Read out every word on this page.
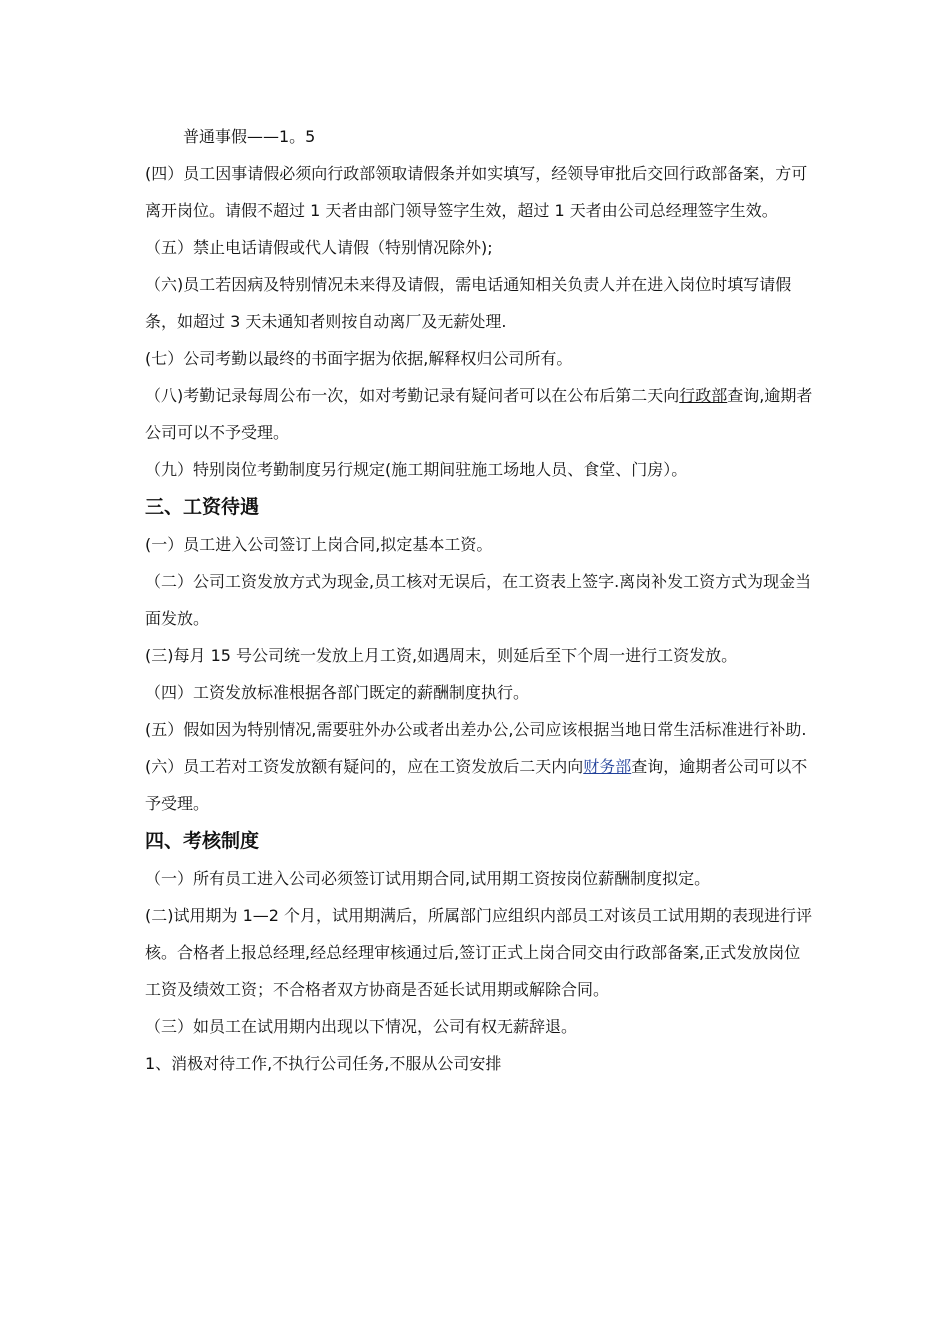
普通事假——1。5

(四）员工因事请假必须向行政部领取请假条并如实填写，经领导审批后交回行政部备案，方可离开岗位。请假不超过 1 天者由部门领导签字生效，超过 1 天者由公司总经理签字生效。

（五）禁止电话请假或代人请假（特别情况除外);

（六)员工若因病及特别情况未来得及请假，需电话通知相关负责人并在进入岗位时填写请假条，如超过 3 天未通知者则按自动离厂及无薪处理.

(七）公司考勤以最终的书面字据为依据,解释权归公司所有。

（八)考勤记录每周公布一次，如对考勤记录有疑问者可以在公布后第二天向行政部查询,逾期者公司可以不予受理。

（九）特别岗位考勤制度另行规定(施工期间驻施工场地人员、食堂、门房）。

三、工资待遇

(一）员工进入公司签订上岗合同,拟定基本工资。

（二）公司工资发放方式为现金,员工核对无误后，在工资表上签字.离岗补发工资方式为现金当面发放。

(三)每月 15 号公司统一发放上月工资,如遇周末，则延后至下个周一进行工资发放。

（四）工资发放标准根据各部门既定的薪酬制度执行。

(五）假如因为特别情况,需要驻外办公或者出差办公,公司应该根据当地日常生活标准进行补助.

(六）员工若对工资发放额有疑问的，应在工资发放后二天内向财务部查询，逾期者公司可以不予受理。

四、考核制度

（一）所有员工进入公司必须签订试用期合同,试用期工资按岗位薪酬制度拟定。

(二)试用期为 1—2 个月，试用期满后，所属部门应组织内部员工对该员工试用期的表现进行评核。合格者上报总经理,经总经理审核通过后,签订正式上岗合同交由行政部备案,正式发放岗位工资及绩效工资；不合格者双方协商是否延长试用期或解除合同。

（三）如员工在试用期内出现以下情况，公司有权无薪辞退。

1、消极对待工作,不执行公司任务,不服从公司安排
